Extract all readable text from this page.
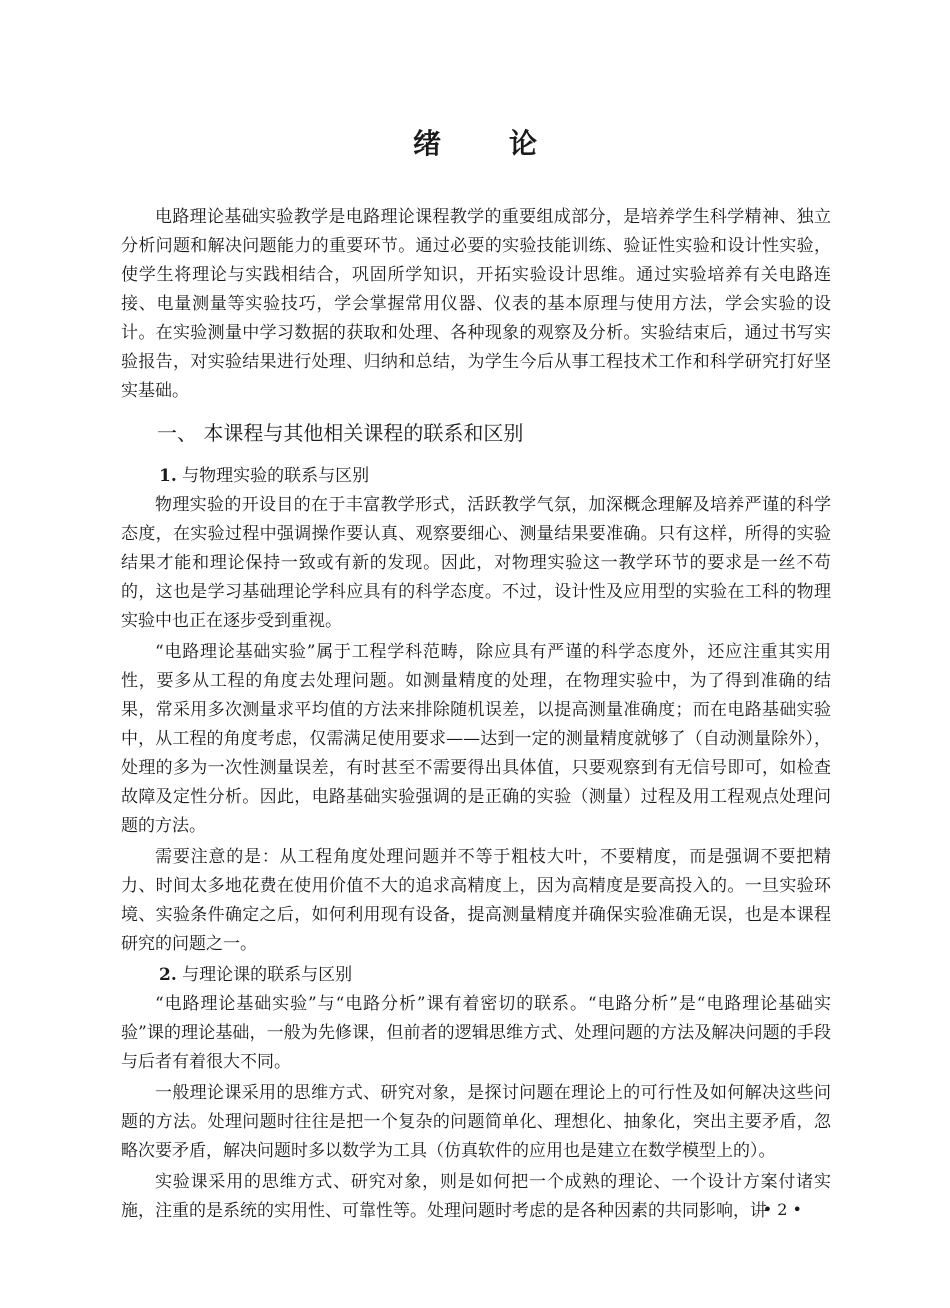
绪 论

电路理论基础实验教学是电路理论课程教学的重要组成部分，是培养学生科学精神、独立分析问题和解决问题能力的重要环节。通过必要的实验技能训练、验证性实验和设计性实验，使学生将理论与实践相结合，巩固所学知识，开拓实验设计思维。通过实验培养有关电路连接、电量测量等实验技巧，学会掌握常用仪器、仪表的基本原理与使用方法，学会实验的设计。在实验测量中学习数据的获取和处理、各种现象的观察及分析。实验结束后，通过书写实验报告，对实验结果进行处理、归纳和总结，为学生今后从事工程技术工作和科学研究打好坚实基础。

一、 本课程与其他相关课程的联系和区别
1. 与物理实验的联系与区别

物理实验的开设目的在于丰富教学形式，活跃教学气氛，加深概念理解及培养严谨的科学态度，在实验过程中强调操作要认真、观察要细心、测量结果要准确。只有这样，所得的实验结果才能和理论保持一致或有新的发现。因此，对物理实验这一教学环节的要求是一丝不苟的，这也是学习基础理论学科应具有的科学态度。不过，设计性及应用型的实验在工科的物理实验中也正在逐步受到重视。

“电路理论基础实验”属于工程学科范畴，除应具有严谨的科学态度外，还应注重其实用性，要多从工程的角度去处理问题。如测量精度的处理，在物理实验中，为了得到准确的结果，常采用多次测量求平均值的方法来排除随机误差，以提高测量准确度；而在电路基础实验中，从工程的角度考虑，仅需满足使用要求——达到一定的测量精度就够了（自动测量除外），处理的多为一次性测量误差，有时甚至不需要得出具体值，只要观察到有无信号即可，如检查故障及定性分析。因此，电路基础实验强调的是正确的实验（测量）过程及用工程观点处理问题的方法。

需要注意的是：从工程角度处理问题并不等于粗枝大叶，不要精度，而是强调不要把精力、时间太多地花费在使用价值不大的追求高精度上，因为高精度是要高投入的。一旦实验环境、实验条件确定之后，如何利用现有设备，提高测量精度并确保实验准确无误，也是本课程研究的问题之一。

2. 与理论课的联系与区别

“电路理论基础实验”与“电路分析”课有着密切的联系。“电路分析”是“电路理论基础实验”课的理论基础，一般为先修课，但前者的逻辑思维方式、处理问题的方法及解决问题的手段与后者有着很大不同。

一般理论课采用的思维方式、研究对象，是探讨问题在理论上的可行性及如何解决这些问题的方法。处理问题时往往是把一个复杂的问题简单化、理想化、抽象化，突出主要矛盾，忽略次要矛盾，解决问题时多以数学为工具（仿真软件的应用也是建立在数学模型上的）。

实验课采用的思维方式、研究对象，则是如何把一个成熟的理论、一个设计方案付诸实施，注重的是系统的实用性、可靠性等。处理问题时考虑的是各种因素的共同影响，讲

• 2 •
